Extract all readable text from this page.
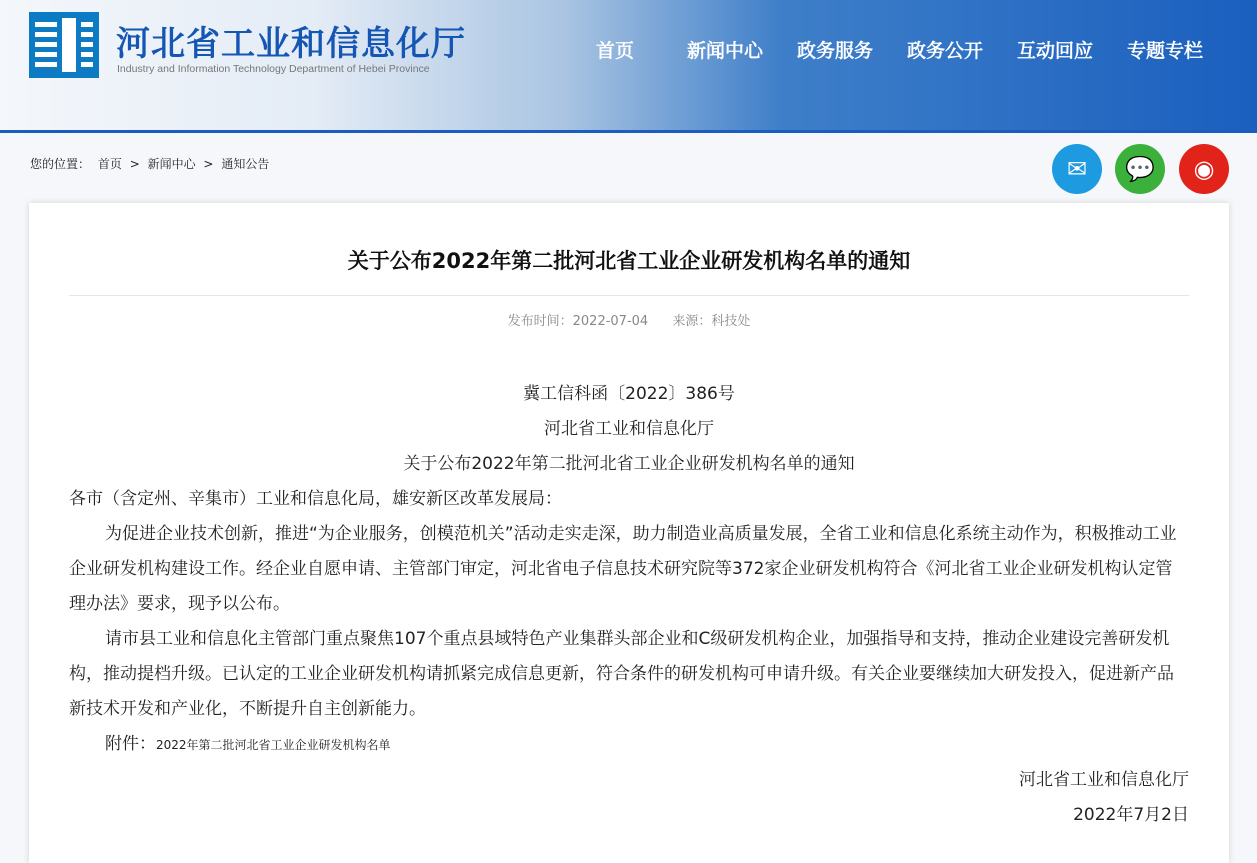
河北省工业和信息化厅
Industry and Information Technology Department of Hebei Province
首页	新闻中心	政务服务	政务公开	互动回应	专题专栏
您的位置： 首页 > 新闻中心 > 通知公告	✉	💬	◉
关于公布2022年第二批河北省工业企业研发机构名单的通知
发布时间：2022-07-04 来源：科技处

冀工信科函〔2022〕386号

河北省工业和信息化厅

关于公布2022年第二批河北省工业企业研发机构名单的通知

各市（含定州、辛集市）工业和信息化局，雄安新区改革发展局：

为促进企业技术创新，推进“为企业服务，创模范机关”活动走实走深，助力制造业高质量发展，全省工业和信息化系统主动作为，积极推动工业企业研发机构建设工作。经企业自愿申请、主管部门审定，河北省电子信息技术研究院等372家企业研发机构符合《河北省工业企业研发机构认定管理办法》要求，现予以公布。

请市县工业和信息化主管部门重点聚焦107个重点县域特色产业集群头部企业和C级研发机构企业，加强指导和支持，推动企业建设完善研发机构，推动提档升级。已认定的工业企业研发机构请抓紧完成信息更新，符合条件的研发机构可申请升级。有关企业要继续加大研发投入，促进新产品新技术开发和产业化，不断提升自主创新能力。

附件：2022年第二批河北省工业企业研发机构名单

河北省工业和信息化厅

2022年7月2日
